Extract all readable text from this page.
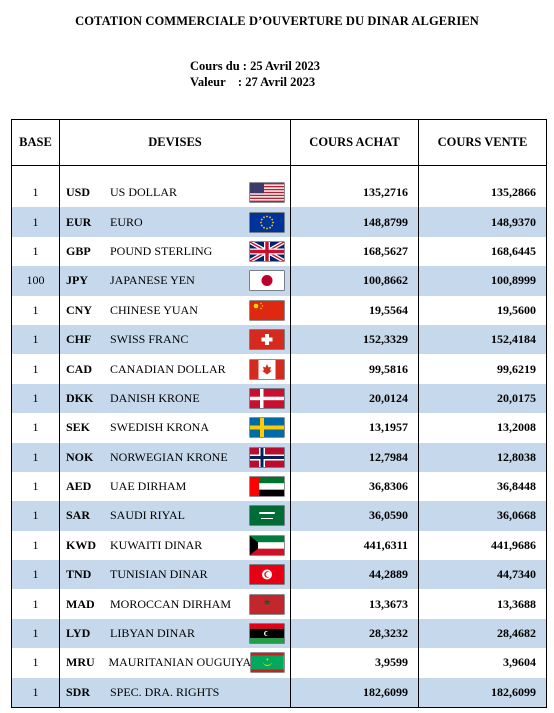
COTATION COMMERCIALE D’OUVERTURE DU DINAR ALGERIEN
Cours du : 25 Avril 2023
Valeur    : 27 Avril 2023
BASE	DEVISES	COURS ACHAT	COURS VENTE

1	USD US DOLLAR	135,2716	135,2866
1	EUR EURO	148,8799	148,9370
1	GBP POUND STERLING	168,5627	168,6445
100	JPY JAPANESE YEN	100,8662	100,8999
1	CNY CHINESE YUAN	19,5564	19,5600
1	CHF SWISS FRANC	152,3329	152,4184
1	CAD CANADIAN DOLLAR	99,5816	99,6219
1	DKK DANISH KRONE	20,0124	20,0175
1	SEK SWEDISH KRONA	13,1957	13,2008
1	NOK NORWEGIAN KRONE	12,7984	12,8038
1	AED UAE DIRHAM	36,8306	36,8448
1	SAR SAUDI RIYAL	36,0590	36,0668
1	KWD KUWAITI DINAR	441,6311	441,9686
1	TND TUNISIAN DINAR	44,2889	44,7340
1	MAD MOROCCAN DIRHAM	13,3673	13,3688
1	LYD LIBYAN DINAR	28,3232	28,4682
1	MRU MAURITANIAN OUGUIYA	3,9599	3,9604
1	SDR SPEC. DRA. RIGHTS	182,6099	182,6099
